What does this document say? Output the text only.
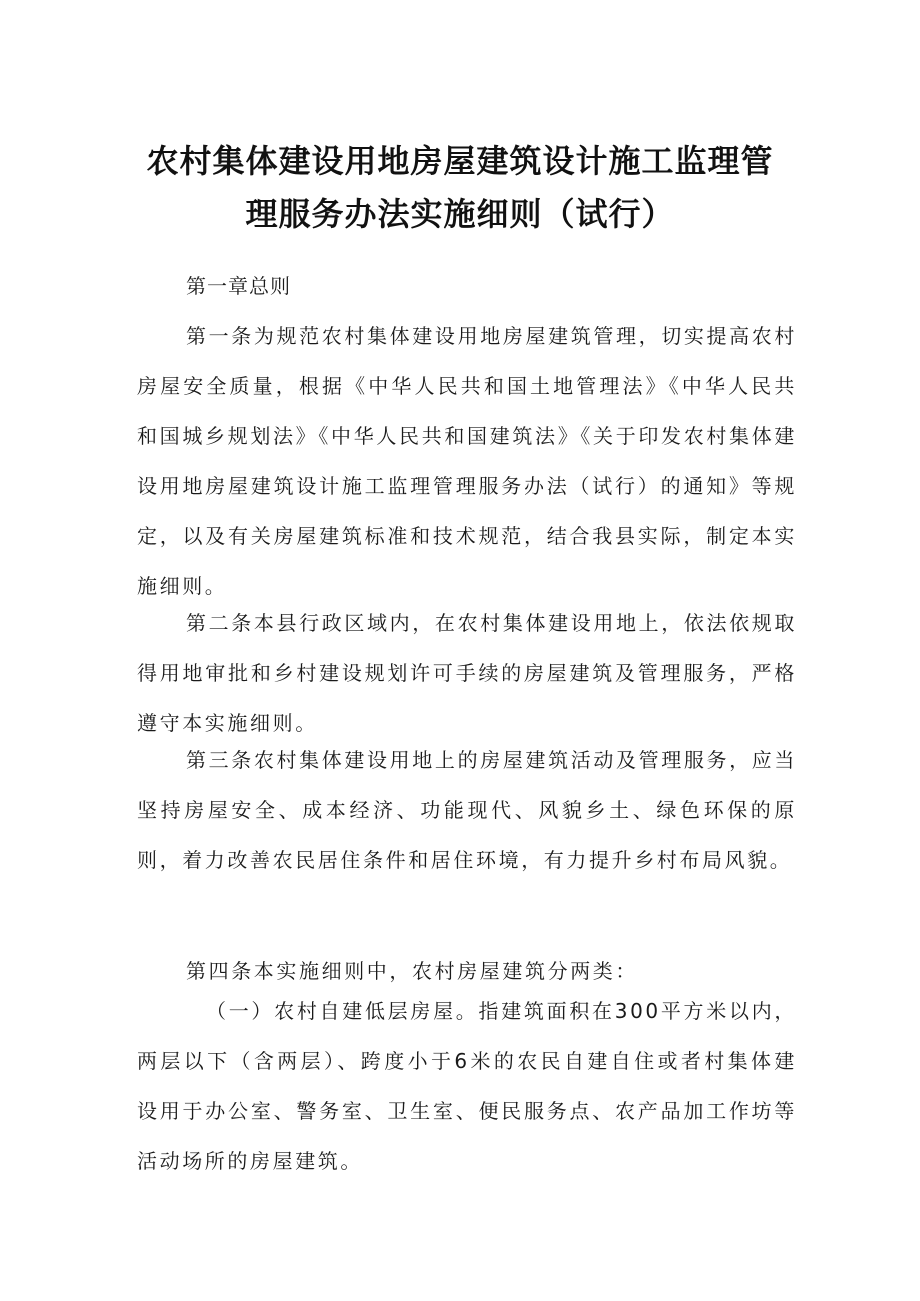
农村集体建设用地房屋建筑设计施工监理管
理服务办法实施细则（试行）
第一章总则

第一条为规范农村集体建设用地房屋建筑管理，切实提高农村房屋安全质量，根据《中华人民共和国土地管理法》《中华人民共和国城乡规划法》《中华人民共和国建筑法》《关于印发农村集体建设用地房屋建筑设计施工监理管理服务办法（试行）的通知》等规定，以及有关房屋建筑标准和技术规范，结合我县实际，制定本实施细则。

第二条本县行政区域内，在农村集体建设用地上，依法依规取得用地审批和乡村建设规划许可手续的房屋建筑及管理服务，严格遵守本实施细则。

第三条农村集体建设用地上的房屋建筑活动及管理服务，应当坚持房屋安全、成本经济、功能现代、风貌乡土、绿色环保的原则，着力改善农民居住条件和居住环境，有力提升乡村布局风貌。

第四条本实施细则中，农村房屋建筑分两类：

（一）农村自建低层房屋。指建筑面积在300平方米以内，两层以下（含两层）、跨度小于6米的农民自建自住或者村集体建设用于办公室、警务室、卫生室、便民服务点、农产品加工作坊等活动场所的房屋建筑。
